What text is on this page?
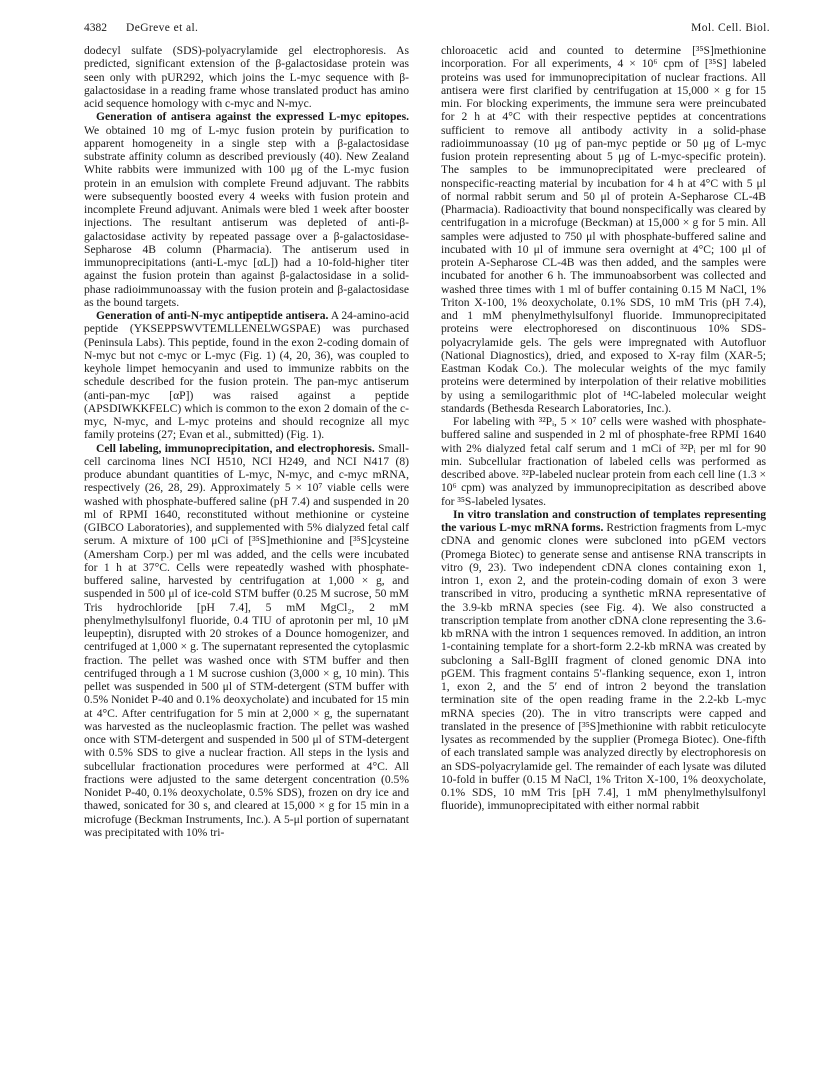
4382 DeGreve et al.	Mol. Cell. Biol.

dodecyl sulfate (SDS)-polyacrylamide gel electrophoresis. As predicted, significant extension of the β-galactosidase protein was seen only with pUR292, which joins the L-myc sequence with β-galactosidase in a reading frame whose translated product has amino acid sequence homology with c-myc and N-myc.

Generation of antisera against the expressed L-myc epitopes. We obtained 10 mg of L-myc fusion protein by purification to apparent homogeneity in a single step with a β-galactosidase substrate affinity column as described previously (40). New Zealand White rabbits were immunized with 100 μg of the L-myc fusion protein in an emulsion with complete Freund adjuvant. The rabbits were subsequently boosted every 4 weeks with fusion protein and incomplete Freund adjuvant. Animals were bled 1 week after booster injections. The resultant antiserum was depleted of anti-β-galactosidase activity by repeated passage over a β-galactosidase-Sepharose 4B column (Pharmacia). The antiserum used in immunoprecipitations (anti-L-myc [αL]) had a 10-fold-higher titer against the fusion protein than against β-galactosidase in a solid-phase radioimmunoassay with the fusion protein and β-galactosidase as the bound targets.

Generation of anti-N-myc antipeptide antisera. A 24-amino-acid peptide (YKSEPPSWVTEMLLENELWGSPAE) was purchased (Peninsula Labs). This peptide, found in the exon 2-coding domain of N-myc but not c-myc or L-myc (Fig. 1) (4, 20, 36), was coupled to keyhole limpet hemocyanin and used to immunize rabbits on the schedule described for the fusion protein. The pan-myc antiserum (anti-pan-myc [αP]) was raised against a peptide (APSDIWKKFELC) which is common to the exon 2 domain of the c-myc, N-myc, and L-myc proteins and should recognize all myc family proteins (27; Evan et al., submitted) (Fig. 1).

Cell labeling, immunoprecipitation, and electrophoresis. Small-cell carcinoma lines NCI H510, NCI H249, and NCI N417 (8) produce abundant quantities of L-myc, N-myc, and c-myc mRNA, respectively (26, 28, 29). Approximately 5 × 10⁷ viable cells were washed with phosphate-buffered saline (pH 7.4) and suspended in 20 ml of RPMI 1640, reconstituted without methionine or cysteine (GIBCO Laboratories), and supplemented with 5% dialyzed fetal calf serum. A mixture of 100 μCi of [³⁵S]methionine and [³⁵S]cysteine (Amersham Corp.) per ml was added, and the cells were incubated for 1 h at 37°C. Cells were repeatedly washed with phosphate-buffered saline, harvested by centrifugation at 1,000 × g, and suspended in 500 μl of ice-cold STM buffer (0.25 M sucrose, 50 mM Tris hydrochloride [pH 7.4], 5 mM MgCl₂, 2 mM phenylmethylsulfonyl fluoride, 0.4 TIU of aprotonin per ml, 10 μM leupeptin), disrupted with 20 strokes of a Dounce homogenizer, and centrifuged at 1,000 × g. The supernatant represented the cytoplasmic fraction. The pellet was washed once with STM buffer and then centrifuged through a 1 M sucrose cushion (3,000 × g, 10 min). This pellet was suspended in 500 μl of STM-detergent (STM buffer with 0.5% Nonidet P-40 and 0.1% deoxycholate) and incubated for 15 min at 4°C. After centrifugation for 5 min at 2,000 × g, the supernatant was harvested as the nucleoplasmic fraction. The pellet was washed once with STM-detergent and suspended in 500 μl of STM-detergent with 0.5% SDS to give a nuclear fraction. All steps in the lysis and subcellular fractionation procedures were performed at 4°C. All fractions were adjusted to the same detergent concentration (0.5% Nonidet P-40, 0.1% deoxycholate, 0.5% SDS), frozen on dry ice and thawed, sonicated for 30 s, and cleared at 15,000 × g for 15 min in a microfuge (Beckman Instruments, Inc.). A 5-μl portion of supernatant was precipitated with 10% tri-

chloroacetic acid and counted to determine [³⁵S]methionine incorporation. For all experiments, 4 × 10⁶ cpm of [³⁵S] labeled proteins was used for immunoprecipitation of nuclear fractions. All antisera were first clarified by centrifugation at 15,000 × g for 15 min. For blocking experiments, the immune sera were preincubated for 2 h at 4°C with their respective peptides at concentrations sufficient to remove all antibody activity in a solid-phase radioimmunoassay (10 μg of pan-myc peptide or 50 μg of L-myc fusion protein representing about 5 μg of L-myc-specific protein). The samples to be immunoprecipitated were precleared of nonspecific-reacting material by incubation for 4 h at 4°C with 5 μl of normal rabbit serum and 50 μl of protein A-Sepharose CL-4B (Pharmacia). Radioactivity that bound nonspecifically was cleared by centrifugation in a microfuge (Beckman) at 15,000 × g for 5 min. All samples were adjusted to 750 μl with phosphate-buffered saline and incubated with 10 μl of immune sera overnight at 4°C; 100 μl of protein A-Sepharose CL-4B was then added, and the samples were incubated for another 6 h. The immunoabsorbent was collected and washed three times with 1 ml of buffer containing 0.15 M NaCl, 1% Triton X-100, 1% deoxycholate, 0.1% SDS, 10 mM Tris (pH 7.4), and 1 mM phenylmethylsulfonyl fluoride. Immunoprecipitated proteins were electrophoresed on discontinuous 10% SDS-polyacrylamide gels. The gels were impregnated with Autofluor (National Diagnostics), dried, and exposed to X-ray film (XAR-5; Eastman Kodak Co.). The molecular weights of the myc family proteins were determined by interpolation of their relative mobilities by using a semilogarithmic plot of ¹⁴C-labeled molecular weight standards (Bethesda Research Laboratories, Inc.).

For labeling with ³²Pᵢ, 5 × 10⁷ cells were washed with phosphate-buffered saline and suspended in 2 ml of phosphate-free RPMI 1640 with 2% dialyzed fetal calf serum and 1 mCi of ³²Pᵢ per ml for 90 min. Subcellular fractionation of labeled cells was performed as described above. ³²P-labeled nuclear protein from each cell line (1.3 × 10⁶ cpm) was analyzed by immunoprecipitation as described above for ³⁵S-labeled lysates.

In vitro translation and construction of templates representing the various L-myc mRNA forms. Restriction fragments from L-myc cDNA and genomic clones were subcloned into pGEM vectors (Promega Biotec) to generate sense and antisense RNA transcripts in vitro (9, 23). Two independent cDNA clones containing exon 1, intron 1, exon 2, and the protein-coding domain of exon 3 were transcribed in vitro, producing a synthetic mRNA representative of the 3.9-kb mRNA species (see Fig. 4). We also constructed a transcription template from another cDNA clone representing the 3.6-kb mRNA with the intron 1 sequences removed. In addition, an intron 1-containing template for a short-form 2.2-kb mRNA was created by subcloning a SalI-BglII fragment of cloned genomic DNA into pGEM. This fragment contains 5′-flanking sequence, exon 1, intron 1, exon 2, and the 5′ end of intron 2 beyond the translation termination site of the open reading frame in the 2.2-kb L-myc mRNA species (20). The in vitro transcripts were capped and translated in the presence of [³⁵S]methionine with rabbit reticulocyte lysates as recommended by the supplier (Promega Biotec). One-fifth of each translated sample was analyzed directly by electrophoresis on an SDS-polyacrylamide gel. The remainder of each lysate was diluted 10-fold in buffer (0.15 M NaCl, 1% Triton X-100, 1% deoxycholate, 0.1% SDS, 10 mM Tris [pH 7.4], 1 mM phenylmethylsulfonyl fluoride), immunoprecipitated with either normal rabbit
